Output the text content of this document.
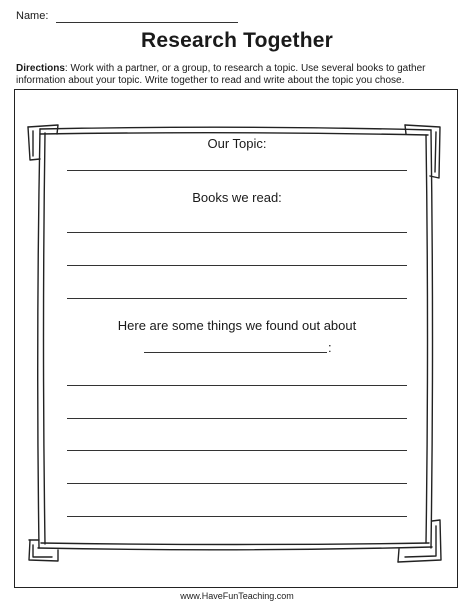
Name:
Research Together
Directions: Work with a partner, or a group, to research a topic. Use several books to gather information about your topic. Write together to read and write about the topic you chose.
Our Topic:
Books we read:
Here are some things we found out about
:
www.HaveFunTeaching.com
